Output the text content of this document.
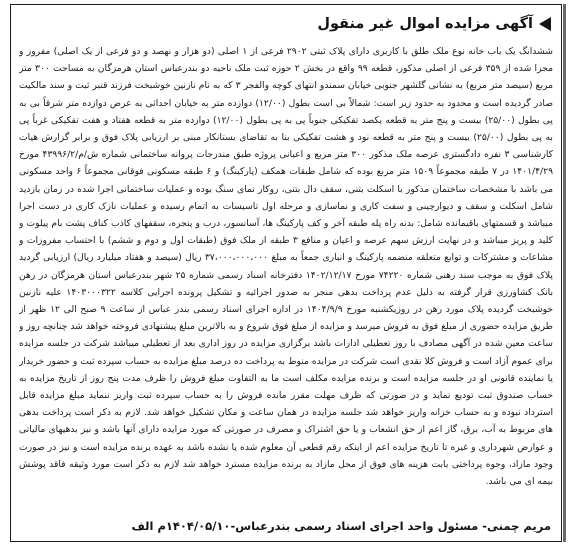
آگهی مزایده اموال غیر منقول

ششدانگ یک باب خانه نوع ملک طلق با کاربری دارای پلاک ثبتی ۲۹۰۲ فرعی از ۱ اصلی (دو هزار و نهصد و دو فرعی از یک اصلی) مفروز و مجزا شده از ۳۵۹ فرعی از اصلی مذکور، قطعه ۹۹ واقع در بخش ۲ حوزه ثبت ملک ناحیه دو بندرعباس استان هرمزگان به مساحت ۳۰۰ متر مربع (سیصد متر مربع) به نشانی گلشهر جنوبی خیابان سمندو انتهای کوچه والفجر ۳ که به نام نازنین خوشبخت فرزند قنبر ثبت و سند مالکیت صادر گردیده است و محدود به حدود زیر است: شمالاً بی است بطول (۱۲/۰۰) دوازده متر به خیابان احداثی به عرض دوازده متر شرقاً بی به پی بطول (۲۵/۰۰) بیست و پنج متر به قطعه یکصد تفکیکی جنوباً پی به پی بطول (۱۲/۰۰) دوازده متر به قطعه هفتاد و هفت تفکیکی غرباً پی به پی بطول (۲۵/۰۰) بیست و پنج متر به قطعه نود و هشت تفکیکی بنا به تقاضای بستانکار مبنی بر ارزیابی پلاک فوق و برابر گزارش هیات کارشناسی ۳ نفره دادگستری عرصه ملک مذکور ۳۰۰ متر مربع و اعیانی پروژه طبق مندرجات پروانه ساختمانی شماره ش/م/۴۳۹۹۶/۲ مورخ ۱۴۰۱/۴/۲۹ در ۷ طبقه مجموعاً ۱۵۰۹ متر مربع بوده که شامل طبقات همکف (پارکینگ) و ۶ طبقه مسکونی فوقانی مجموعاً ۶ واحد مسکونی می باشد با مشخصات ساختمان مذکور با اسکلت بتنی، سقف دال بتنی، روکار نمای سنگ بوده و عملیات ساختمانی اجرا شده در زمان بازدید شامل اسکلت و سقف و دیوارچینی و سفت کاری و نماسازی و مرحله اول تاسیسات به اتمام رسیده و عملیات نازک کاری در دست اجرا میباشد و قسمتهای باقیمانده شامل: بدنه راه پله طبقه آخر و کف پارکینگ ها، آسانسور، درب و پنجره، سقفهای کاذب کناف پشت بام پیلوت و کلید و پریز میباشد و در نهایت ارزش سهم عرصه و اعیان و منافع ۳ طبقه از ملک فوق (طبقات اول و دوم و ششم) با احتساب مفروزات و مشاعات و مشترکات و توابع متعلقه منضمه پارکینگ و انباری جمعاً به مبلغ ۳۷،۰۰۰،۰۰۰،۰۰۰ ریال (سیصد و هفتاد میلیارد ریال) ارزیابی گردید پلاک فوق به موجب سند رهنی شماره ۷۴۲۲۰ مورخ ۱۴۰۲/۱۲/۱۷ دفترخانه اسناد رسمی شماره ۲۵ شهر بندرعباس استان هرمزگان در رهن بانک کشاورزی قرار گرفته به دلیل عدم پرداخت بدهی منجر به صدور اجرائیه و تشکیل پرونده اجرایی کلاسه ۱۴۰۳۰۰۰۳۲۲ علیه نازنین خوشبخت گردیده پلاک مورد رهن در روزیکشنبه مورخ ۱۴۰۴/۹/۹ در اداره اجرای اسناد رسمی بندر عباس از ساعت ۹ صبح الی ۱۲ ظهر از طریق مزایده حضوری از مبلغ فوق به فروش میرسد و مزایده از مبلغ فوق شروع و به بالاترین مبلغ پیشنهادی فروخته خواهد شد چنانچه روز و ساعت معین شده در آگهی مصادف با روز تعطیلی ادارات باشد برگزاری مزایده در روز اداری بعد از تعطیلی میباشد شرکت در جلسه مزایده برای عموم آزاد است و فروش کلا نقدی است شرکت در مزایده منوط به پرداخت ده درصد مبلغ مزایده به حساب سپرده ثبت و حضور خریدار یا نماینده قانونی او در جلسه مزایده است و برنده مزایده مکلف است ما به التفاوت مبلغ فروش را ظرف مدت پنج روز از تاریخ مزایده به حساب صندوق ثبت تودیع نماید و در صورتی که ظرف مهلت مقرر مانده فروش را به حساب سپرده ثبت واریز ننماید مبلغ مزایده قابل استرداد نبوده و به حساب خزانه واریز خواهد شد جلسه مزایده در همان ساعت و مکان تشکیل خواهد شد. لازم به ذکر است پرداخت بدهی های مربوط به آب، برق، گاز اعم از حق انشعاب و یا حق اشتراک و مصرف در صورتی که مورد مزایده دارای آنها باشد و نیز بدهیهای مالیاتی و عوارض شهرداری و غیره تا تاریخ مزایده اعم از اینکه رقم قطعی آن معلوم شده یا نشده باشد به عهده برنده مزایده است و نیز در صورت وجود مازاد، وجوه پرداختی بابت هزینه های فوق از محل مازاد به برنده مزایده مسترد خواهد شد لازم به ذکر است مورد وثیقه فاقد پوشش بیمه ای می باشد.

مریم چمنی- مسئول واحد اجرای اسناد رسمی بندرعباس-۱۴۰۴/۰۵/۱۰م الف
